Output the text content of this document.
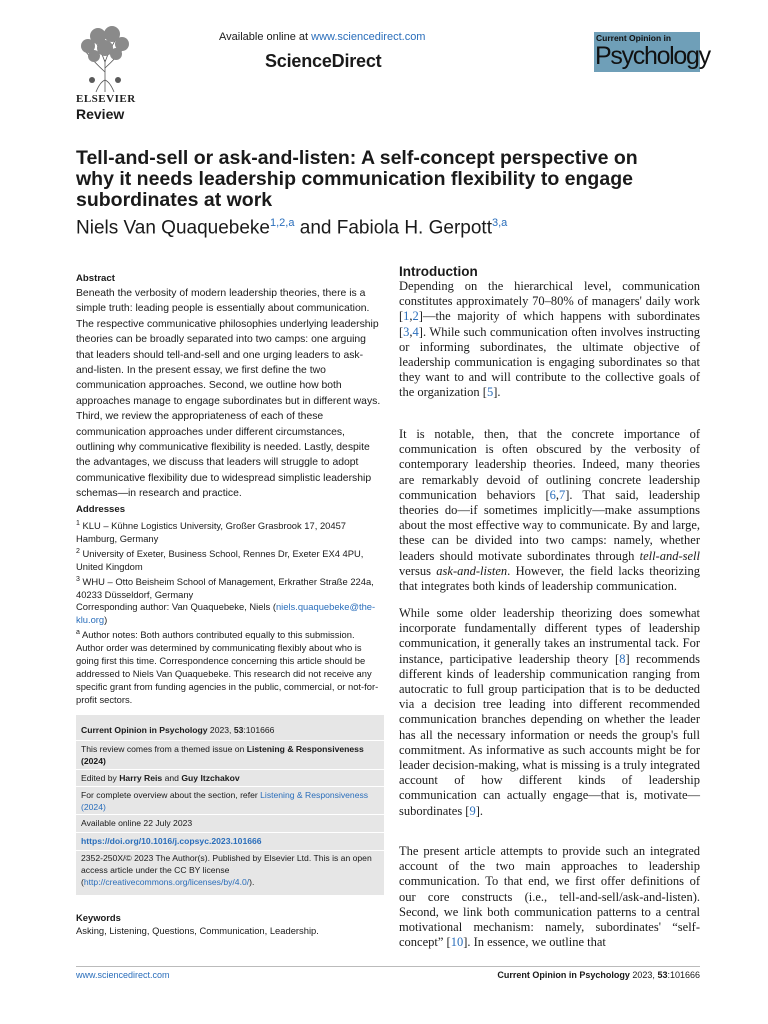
ELSEVIER
Available online at www.sciencedirect.com
ScienceDirect
Current Opinion in
Psychology
Review
Tell-and-sell or ask-and-listen: A self-concept perspective on why it needs leadership communication flexibility to engage subordinates at work
Niels Van Quaquebeke$^{1,2,a}$ and Fabiola H. Gerpott$^{3,a}$

Abstract

Beneath the verbosity of modern leadership theories, there is a simple truth: leading people is essentially about communication. The respective communicative philosophies underlying leadership theories can be broadly separated into two camps: one arguing that leaders should tell-and-sell and one urging leaders to ask-and-listen. In the present essay, we first define the two communication approaches. Second, we outline how both approaches manage to engage subordinates but in different ways. Third, we review the appropriateness of each of these communication approaches under different circumstances, outlining why communicative flexibility is needed. Lastly, despite the advantages, we discuss that leaders will struggle to adopt communicative flexibility due to widespread simplistic leadership schemas—in research and practice.

Addresses

$^1$ KLU – Kühne Logistics University, Großer Grasbrook 17, 20457 Hamburg, Germany

$^2$ University of Exeter, Business School, Rennes Dr, Exeter EX4 4PU, United Kingdom

$^3$ WHU – Otto Beisheim School of Management, Erkrather Straße 224a, 40233 Düsseldorf, Germany

Corresponding author: Van Quaquebeke, Niels (niels.quaquebeke@the-klu.org)

$^a$ Author notes: Both authors contributed equally to this submission. Author order was determined by communicating flexibly about who is going first this time. Correspondence concerning this article should be addressed to Niels Van Quaquebeke. This research did not receive any specific grant from funding agencies in the public, commercial, or not-for-profit sectors.

Current Opinion in Psychology 2023, 53:101666
This review comes from a themed issue on Listening & Responsiveness (2024)
Edited by Harry Reis and Guy Itzchakov
For complete overview about the section, refer Listening & Responsiveness (2024)
Available online 22 July 2023
https://doi.org/10.1016/j.copsyc.2023.101666
2352-250X/© 2023 The Author(s). Published by Elsevier Ltd. This is an open access article under the CC BY license (http://creativecommons.org/licenses/by/4.0/).

Keywords

Asking, Listening, Questions, Communication, Leadership.

Introduction

Depending on the hierarchical level, communication constitutes approximately 70–80% of managers' daily work [1,2]—the majority of which happens with subordinates [3,4]. While such communication often involves instructing or informing subordinates, the ultimate objective of leadership communication is engaging subordinates so that they want to and will contribute to the collective goals of the organization [5].

It is notable, then, that the concrete importance of communication is often obscured by the verbosity of contemporary leadership theories. Indeed, many theories are remarkably devoid of outlining concrete leadership communication behaviors [6,7]. That said, leadership theories do—if sometimes implicitly—make assumptions about the most effective way to communicate. By and large, these can be divided into two camps: namely, whether leaders should motivate subordinates through tell-and-sell versus ask-and-listen. However, the field lacks theorizing that integrates both kinds of leadership communication.

While some older leadership theorizing does somewhat incorporate fundamentally different types of leadership communication, it generally takes an instrumental tack. For instance, participative leadership theory [8] recommends different kinds of leadership communication ranging from autocratic to full group participation that is to be deducted via a decision tree leading into different recommended communication branches depending on whether the leader has all the necessary information or needs the group's full commitment. As informative as such accounts might be for leader decision-making, what is missing is a truly integrated account of how different kinds of leadership communication can actually engage—that is, motivate—subordinates [9].

The present article attempts to provide such an integrated account of the two main approaches to leadership communication. To that end, we first offer definitions of our core constructs (i.e., tell-and-sell/ask-and-listen). Second, we link both communication patterns to a central motivational mechanism: namely, subordinates' “self-concept” [10]. In essence, we outline that

www.sciencedirect.com	Current Opinion in Psychology 2023, 53:101666
